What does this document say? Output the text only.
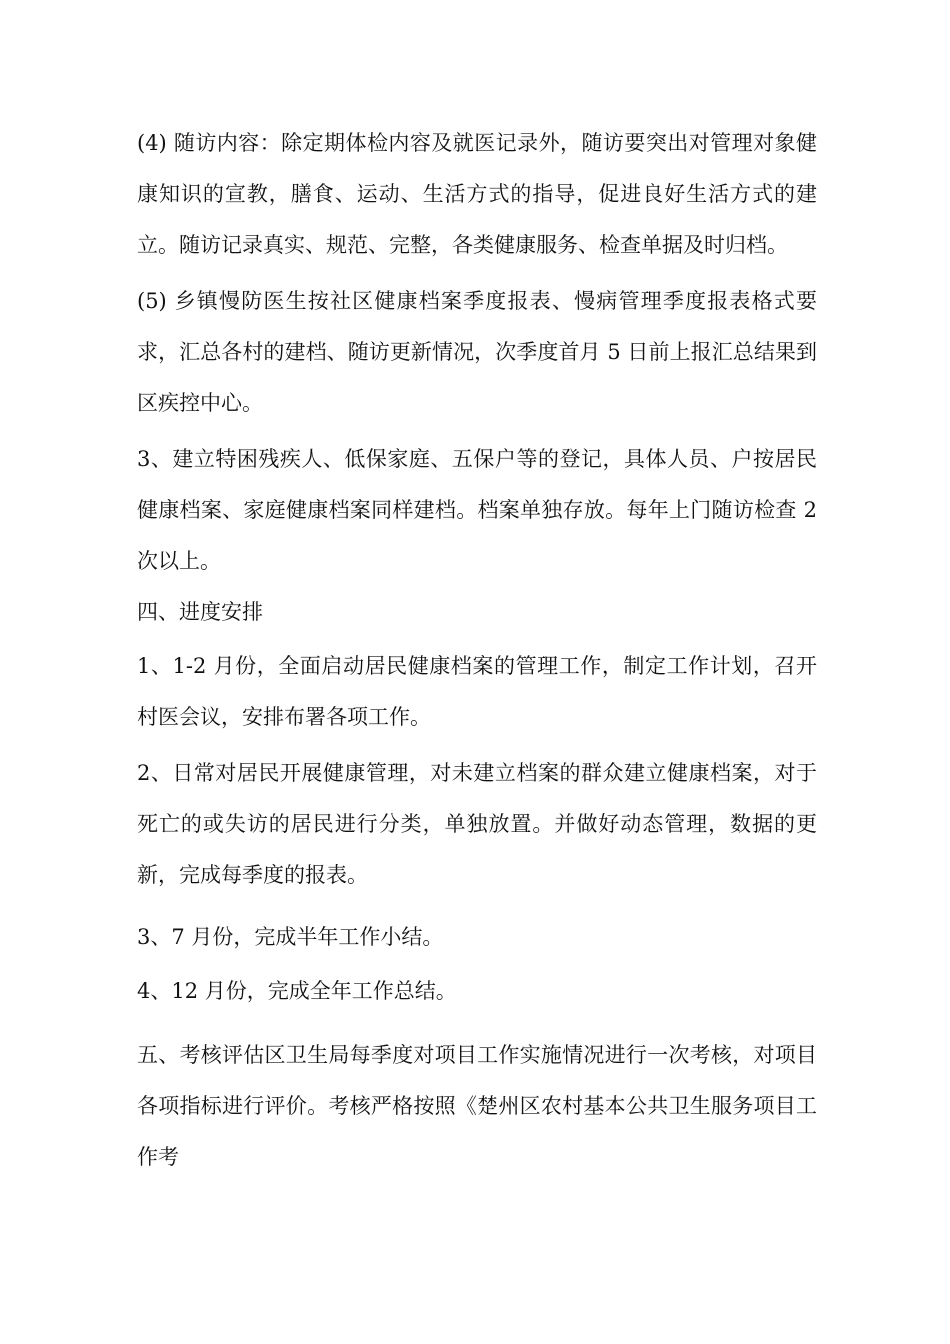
(4) 随访内容：除定期体检内容及就医记录外，随访要突出对管理对象健康知识的宣教，膳食、运动、生活方式的指导，促进良好生活方式的建立。随访记录真实、规范、完整，各类健康服务、检查单据及时归档。

(5) 乡镇慢防医生按社区健康档案季度报表、慢病管理季度报表格式要求，汇总各村的建档、随访更新情况，次季度首月 5 日前上报汇总结果到区疾控中心。

3、建立特困残疾人、低保家庭、五保户等的登记，具体人员、户按居民健康档案、家庭健康档案同样建档。档案单独存放。每年上门随访检查 2 次以上。

四、进度安排

1、1-2 月份，全面启动居民健康档案的管理工作，制定工作计划，召开村医会议，安排布署各项工作。

2、日常对居民开展健康管理，对未建立档案的群众建立健康档案，对于死亡的或失访的居民进行分类，单独放置。并做好动态管理，数据的更新，完成每季度的报表。

3、7 月份，完成半年工作小结。

4、12 月份，完成全年工作总结。

五、考核评估区卫生局每季度对项目工作实施情况进行一次考核，对项目各项指标进行评价。考核严格按照《楚州区农村基本公共卫生服务项目工作考
